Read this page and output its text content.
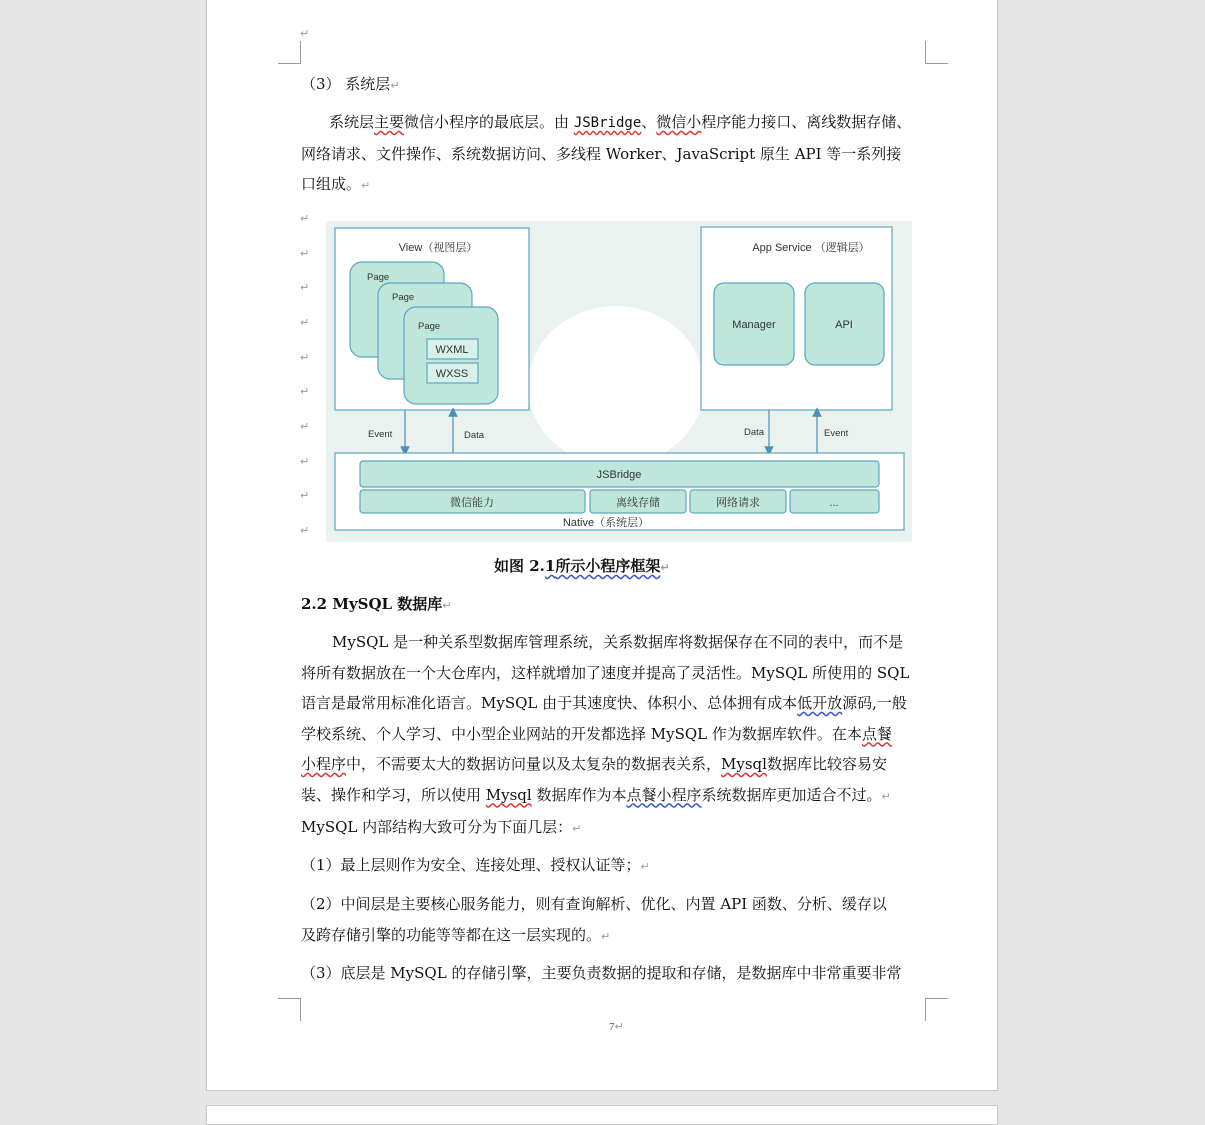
↵
（3） 系统层↵
系统层主要微信小程序的最底层。由 JSBridge、微信小程序能力接口、离线数据存储、
网络请求、文件操作、系统数据访问、多线程 Worker、JavaScript 原生 API 等一系列接
口组成。↵
↵
↵
↵
↵
↵
↵
↵
↵
↵
↵
View（视图层）
Page
Page
Page
WXML
WXSS
App Service （逻辑层）
Manager	API
Event	Data	Data	Event
JSBridge
微信能力	离线存储	网络请求	...
Native（系统层）
如图 2.1所示小程序框架↵
2.2 MySQL 数据库↵
MySQL 是一种关系型数据库管理系统，关系数据库将数据保存在不同的表中，而不是
将所有数据放在一个大仓库内，这样就增加了速度并提高了灵活性。MySQL 所使用的 SQL
语言是最常用标准化语言。MySQL 由于其速度快、体积小、总体拥有成本低开放源码,一般
学校系统、个人学习、中小型企业网站的开发都选择 MySQL 作为数据库软件。在本点餐
小程序中，不需要太大的数据访问量以及太复杂的数据表关系，Mysql数据库比较容易安
装、操作和学习，所以使用 Mysql 数据库作为本点餐小程序系统数据库更加适合不过。↵
MySQL 内部结构大致可分为下面几层：↵
（1）最上层则作为安全、连接处理、授权认证等；↵
（2）中间层是主要核心服务能力，则有查询解析、优化、内置 API 函数、分析、缓存以
及跨存储引擎的功能等等都在这一层实现的。↵
（3）底层是 MySQL 的存储引擎，主要负责数据的提取和存储，是数据库中非常重要非常
7↵
